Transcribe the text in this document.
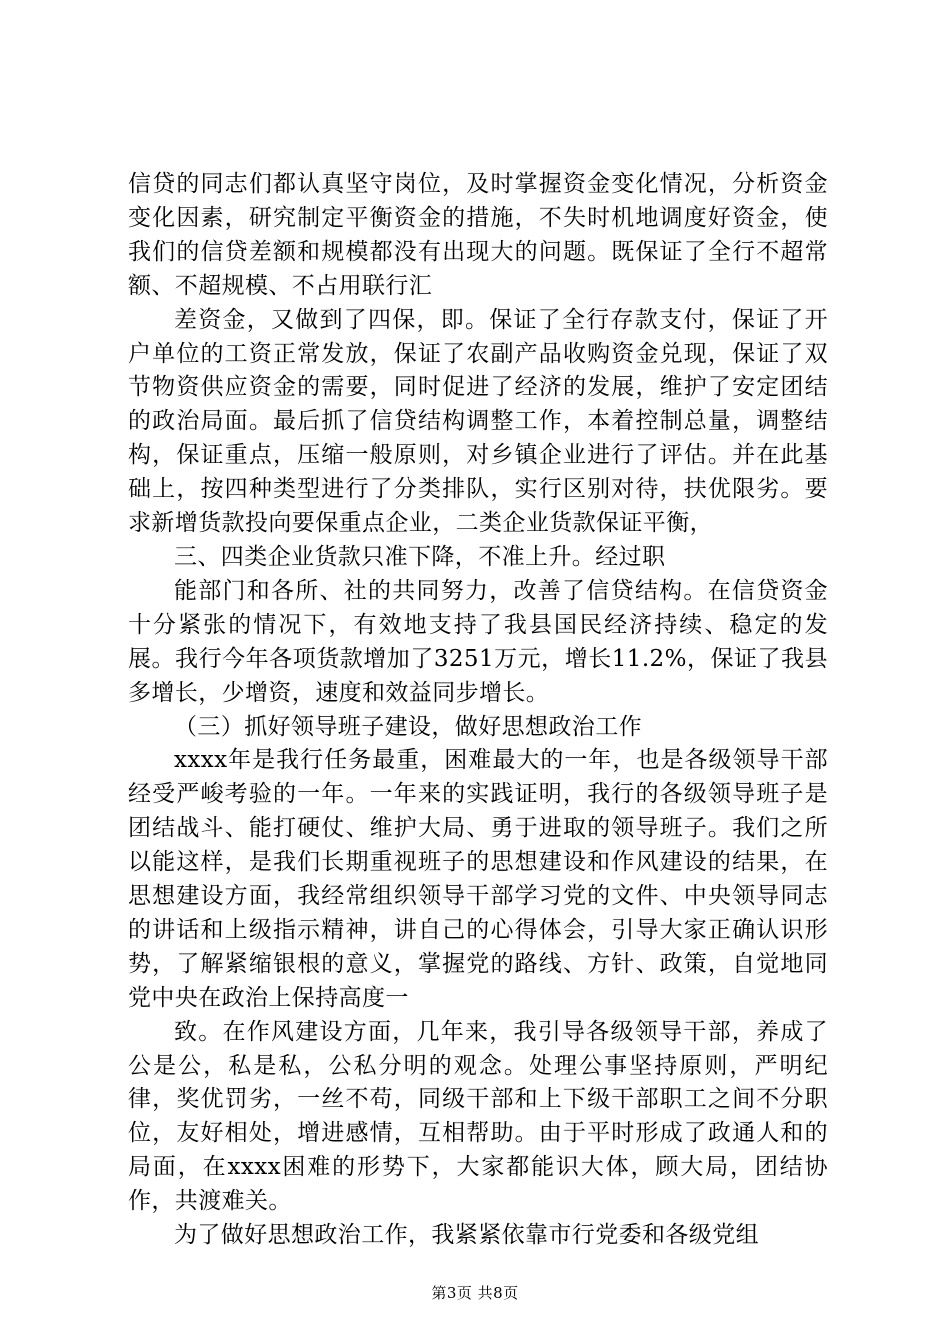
信贷的同志们都认真坚守岗位，及时掌握资金变化情况，分析资金变化因素，研究制定平衡资金的措施，不失时机地调度好资金，使我们的信贷差额和规模都没有出现大的问题。既保证了全行不超常额、不超规模、不占用联行汇

差资金，又做到了四保，即。保证了全行存款支付，保证了开户单位的工资正常发放，保证了农副产品收购资金兑现，保证了双节物资供应资金的需要，同时促进了经济的发展，维护了安定团结的政治局面。最后抓了信贷结构调整工作，本着控制总量，调整结构，保证重点，压缩一般原则，对乡镇企业进行了评估。并在此基础上，按四种类型进行了分类排队，实行区别对待，扶优限劣。要求新增货款投向要保重点企业，二类企业货款保证平衡，

三、四类企业货款只准下降，不准上升。经过职

能部门和各所、社的共同努力，改善了信贷结构。在信贷资金十分紧张的情况下，有效地支持了我县国民经济持续、稳定的发展。我行今年各项货款增加了3251万元，增长11.2%，保证了我县多增长，少增资，速度和效益同步增长。

（三）抓好领导班子建设，做好思想政治工作

xxxx年是我行任务最重，困难最大的一年，也是各级领导干部经受严峻考验的一年。一年来的实践证明，我行的各级领导班子是团结战斗、能打硬仗、维护大局、勇于进取的领导班子。我们之所以能这样，是我们长期重视班子的思想建设和作风建设的结果，在思想建设方面，我经常组织领导干部学习党的文件、中央领导同志的讲话和上级指示精神，讲自己的心得体会，引导大家正确认识形势，了解紧缩银根的意义，掌握党的路线、方针、政策，自觉地同党中央在政治上保持高度一

致。在作风建设方面，几年来，我引导各级领导干部，养成了公是公，私是私，公私分明的观念。处理公事坚持原则，严明纪律，奖优罚劣，一丝不苟，同级干部和上下级干部职工之间不分职位，友好相处，增进感情，互相帮助。由于平时形成了政通人和的局面，在xxxx困难的形势下，大家都能识大体，顾大局，团结协作，共渡难关。

为了做好思想政治工作，我紧紧依靠市行党委和各级党组

第3页 共8页
